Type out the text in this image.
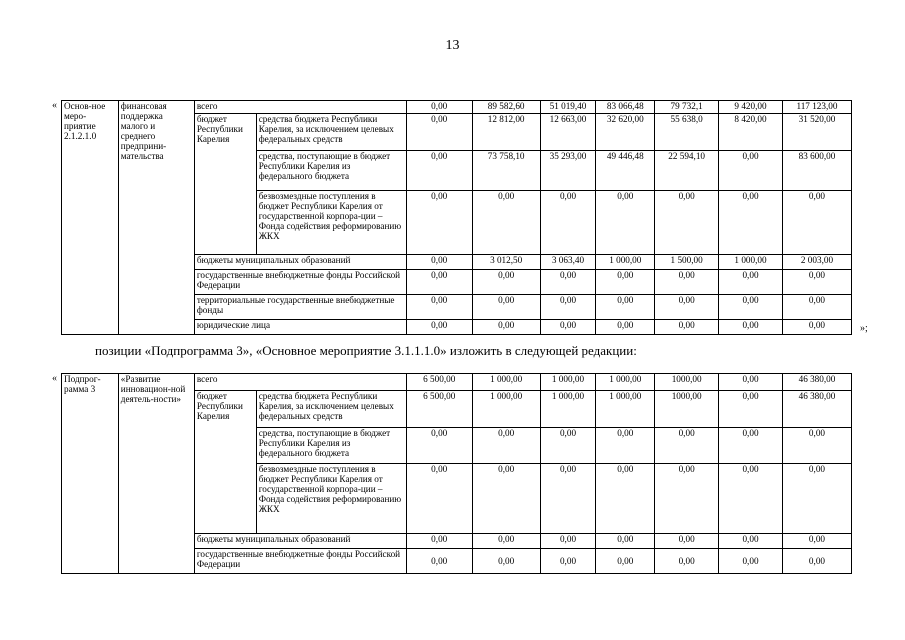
13
«
»;
«
Основ-ное меро-приятие 2.1.2.1.0	финансовая поддержка малого и среднего предприни-мательства	всего		0,00	89 582,60	51 019,40	83 066,48	79 732,1	9 420,00	117 123,00
		бюджет Республики Карелия	средства бюджета Республики Карелия, за исключением целевых федеральных средств	0,00	12 812,00	12 663,00	32 620,00	55 638,0	8 420,00	31 520,00
			средства, поступающие в бюджет Республики Карелия из федерального бюджета	0,00	73 758,10	35 293,00	49 446,48	22 594,10	0,00	83 600,00
			безвозмездные поступления в бюджет Республики Карелия от государственной корпора-ции – Фонда содействия реформированию ЖКХ	0,00	0,00	0,00	0,00	0,00	0,00	0,00
		бюджеты муниципальных образований		0,00	3 012,50	3 063,40	1 000,00	1 500,00	1 000,00	2 003,00
		государственные внебюджетные фонды Российской Федерации		0,00	0,00	0,00	0,00	0,00	0,00	0,00
		территориальные государственные внебюджетные фонды		0,00	0,00	0,00	0,00	0,00	0,00	0,00
		юридические лица		0,00	0,00	0,00	0,00	0,00	0,00	0,00
позиции «Подпрограмма 3», «Основное мероприятие 3.1.1.1.0» изложить в следующей редакции:
Подпрог-рамма 3	«Развитие инновацион-ной деятель-ности»	всего		6 500,00	1 000,00	1 000,00	1 000,00	1000,00	0,00	46 380,00
		бюджет Республики Карелия	средства бюджета Республики Карелия, за исключением целевых федеральных средств	6 500,00	1 000,00	1 000,00	1 000,00	1000,00	0,00	46 380,00
			средства, поступающие в бюджет Республики Карелия из федерального бюджета	0,00	0,00	0,00	0,00	0,00	0,00	0,00
			безвозмездные поступления в бюджет Республики Карелия от государственной корпора-ции – Фонда содействия реформированию ЖКХ	0,00	0,00	0,00	0,00	0,00	0,00	0,00
		бюджеты муниципальных образований		0,00	0,00	0,00	0,00	0,00	0,00	0,00
		государственные внебюджетные фонды Российской Федерации		0,00	0,00	0,00	0,00	0,00	0,00	0,00
